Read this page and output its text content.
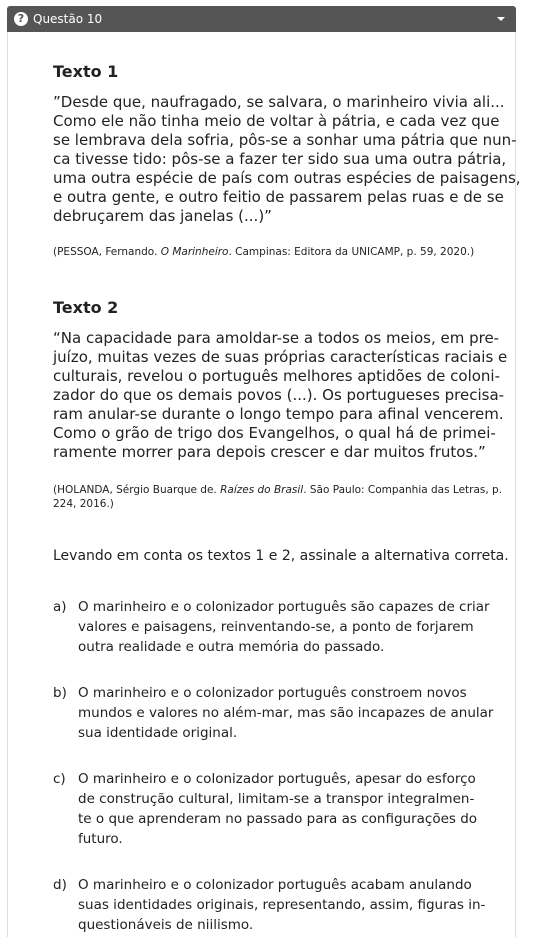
? Questão 10
Texto 1
”Desde que, naufragado, se salvara, o marinheiro vivia ali...
Como ele não tinha meio de voltar à pátria, e cada vez que
se lembrava dela sofria, pôs-se a sonhar uma pátria que nun-
ca tivesse tido: pôs-se a fazer ter sido sua uma outra pátria,
uma outra espécie de país com outras espécies de paisagens,
e outra gente, e outro feitio de passarem pelas ruas e de se
debruçarem das janelas (...)”

(PESSOA, Fernando. O Marinheiro. Campinas: Editora da UNICAMP, p. 59, 2020.)

Texto 2
“Na capacidade para amoldar-se a todos os meios, em pre-
juízo, muitas vezes de suas próprias características raciais e
culturais, revelou o português melhores aptidões de coloni-
zador do que os demais povos (...). Os portugueses precisa-
ram anular-se durante o longo tempo para afinal vencerem.
Como o grão de trigo dos Evangelhos, o qual há de primei-
ramente morrer para depois crescer e dar muitos frutos.”

(HOLANDA, Sérgio Buarque de. Raízes do Brasil. São Paulo: Companhia das Letras, p.
224, 2016.)

Levando em conta os textos 1 e 2, assinale a alternativa correta.

a) O marinheiro e o colonizador português são capazes de criar
valores e paisagens, reinventando-se, a ponto de forjarem
outra realidade e outra memória do passado.
b) O marinheiro e o colonizador português constroem novos
mundos e valores no além-mar, mas são incapazes de anular
sua identidade original.
c) O marinheiro e o colonizador português, apesar do esforço
de construção cultural, limitam-se a transpor integralmen-
te o que aprenderam no passado para as configurações do
futuro.
d) O marinheiro e o colonizador português acabam anulando
suas identidades originais, representando, assim, figuras in-
questionáveis de niilismo.
